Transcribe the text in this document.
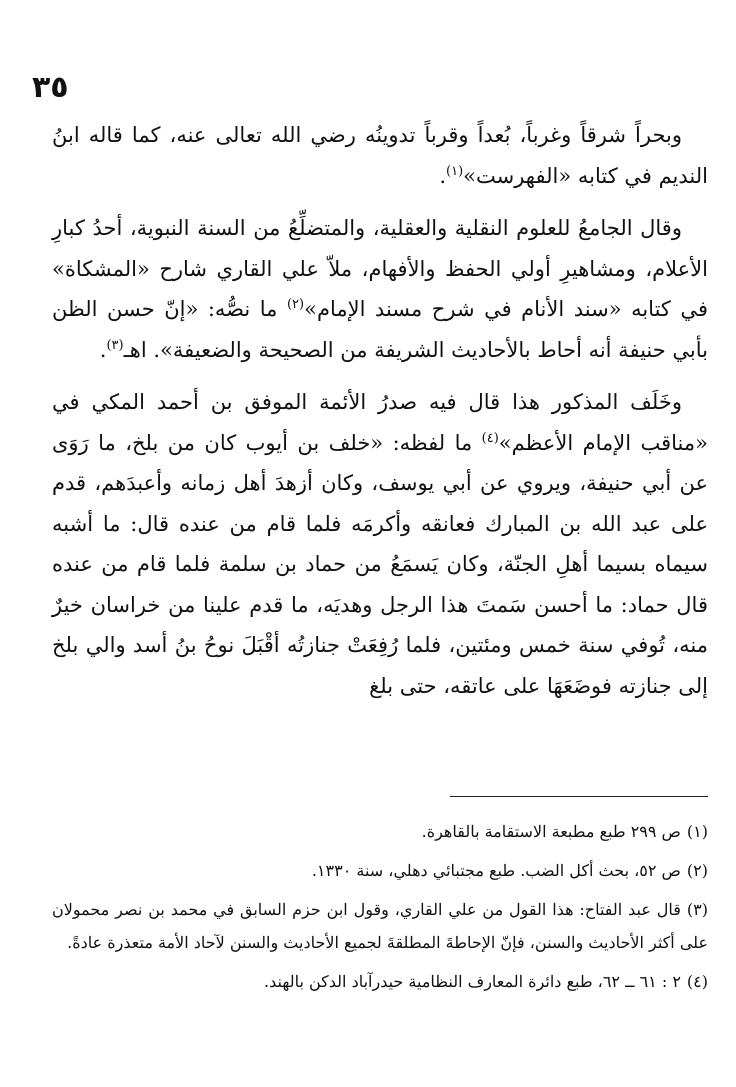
٣٥

وبحراً شرقاً وغرباً، بُعداً وقرباً تدوينُه رضي الله تعالى عنه، كما قاله ابنُ النديم في كتابه «الفهرست»$^{(١)}$.

وقال الجامعُ للعلوم النقلية والعقلية، والمتضلِّعُ من السنة النبوية، أحدُ كبارِ الأعلام، ومشاهيرِ أولي الحفظ والأفهام، ملاّ علي القاري شارح «المشكاة» في كتابه «سند الأنام في شرح مسند الإمام»$^{(٢)}$ ما نصُّه: «إنّ حسن الظن بأبي حنيفة أنه أحاط بالأحاديث الشريفة من الصحيحة والضعيفة». اهـ$^{(٣)}$.

وخَلَف المذكور هذا قال فيه صدرُ الأئمة الموفق بن أحمد المكي في «مناقب الإمام الأعظم»$^{(٤)}$ ما لفظه: «خلف بن أيوب كان من بلخ، ما رَوَى عن أبي حنيفة، ويروي عن أبي يوسف، وكان أزهدَ أهل زمانه وأعبدَهم، قدم على عبد الله بن المبارك فعانقه وأكرمَه فلما قام من عنده قال: ما أشبه سيماه بسيما أهلِ الجنّة، وكان يَسمَعُ من حماد بن سلمة فلما قام من عنده قال حماد: ما أحسن سَمتَ هذا الرجل وهديَه، ما قدم علينا من خراسان خيرٌ منه، تُوفي سنة خمس ومئتين، فلما رُفِعَتْ جنازتُه أقْبَلَ نوحُ بنُ أسد والي بلخ إلى جنازته فوضَعَهَا على عاتقه، حتى بلغ

(١)ص ٢٩٩ طبع مطبعة الاستقامة بالقاهرة.
(٢)ص ٥٢، بحث أكل الضب. طبع مجتبائي دهلي، سنة ١٣٣٠.
(٣)قال عبد الفتاح: هذا القول من علي القاري، وقول ابن حزم السابق في محمد بن نصر محمولان على أكثر الأحاديث والسنن، فإنّ الإحاطةَ المطلقةَ لجميع الأحاديث والسنن لآحاد الأمة متعذرة عادةً.
(٤)٢ : ٦١ ــ ٦٢، طبع دائرة المعارف النظامية حيدرآباد الدكن بالهند.
